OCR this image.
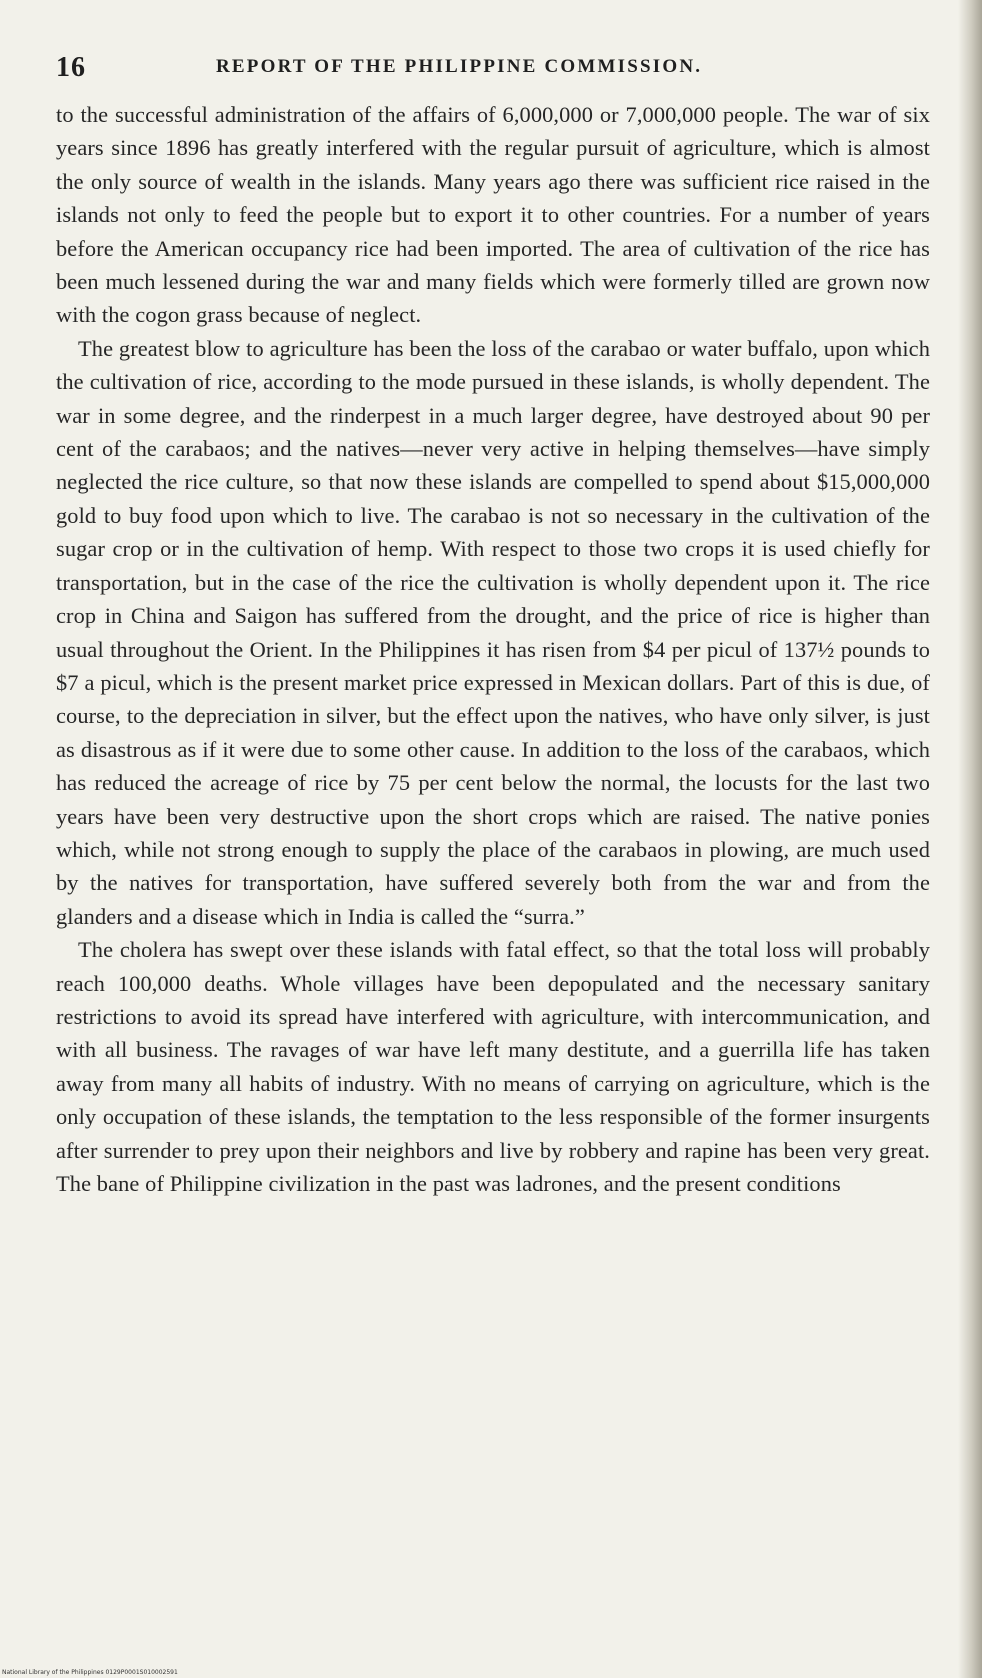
16	REPORT OF THE PHILIPPINE COMMISSION.

to the successful administration of the affairs of 6,000,000 or 7,000,000 people. The war of six years since 1896 has greatly interfered with the regular pursuit of agriculture, which is almost the only source of wealth in the islands. Many years ago there was sufficient rice raised in the islands not only to feed the people but to export it to other countries. For a number of years before the American occupancy rice had been imported. The area of cultivation of the rice has been much lessened during the war and many fields which were formerly tilled are grown now with the cogon grass because of neglect.

The greatest blow to agriculture has been the loss of the carabao or water buffalo, upon which the cultivation of rice, according to the mode pursued in these islands, is wholly dependent. The war in some degree, and the rinderpest in a much larger degree, have destroyed about 90 per cent of the carabaos; and the natives—never very active in helping themselves—have simply neglected the rice culture, so that now these islands are compelled to spend about $15,000,000 gold to buy food upon which to live. The carabao is not so necessary in the cultivation of the sugar crop or in the cultivation of hemp. With respect to those two crops it is used chiefly for transportation, but in the case of the rice the cultivation is wholly dependent upon it. The rice crop in China and Saigon has suffered from the drought, and the price of rice is higher than usual throughout the Orient. In the Philippines it has risen from $4 per picul of 137½ pounds to $7 a picul, which is the present market price expressed in Mexican dollars. Part of this is due, of course, to the depreciation in silver, but the effect upon the natives, who have only silver, is just as disastrous as if it were due to some other cause. In addition to the loss of the carabaos, which has reduced the acreage of rice by 75 per cent below the normal, the locusts for the last two years have been very destructive upon the short crops which are raised. The native ponies which, while not strong enough to supply the place of the carabaos in plowing, are much used by the natives for transportation, have suffered severely both from the war and from the glanders and a disease which in India is called the “surra.”

The cholera has swept over these islands with fatal effect, so that the total loss will probably reach 100,000 deaths. Whole villages have been depopulated and the necessary sanitary restrictions to avoid its spread have interfered with agriculture, with intercommunication, and with all business. The ravages of war have left many destitute, and a guerrilla life has taken away from many all habits of industry. With no means of carrying on agriculture, which is the only occupation of these islands, the temptation to the less responsible of the former insurgents after surrender to prey upon their neighbors and live by robbery and rapine has been very great. The bane of Philippine civilization in the past was ladrones, and the present conditions

National Library of the Philippines 0129P0001S010002591
